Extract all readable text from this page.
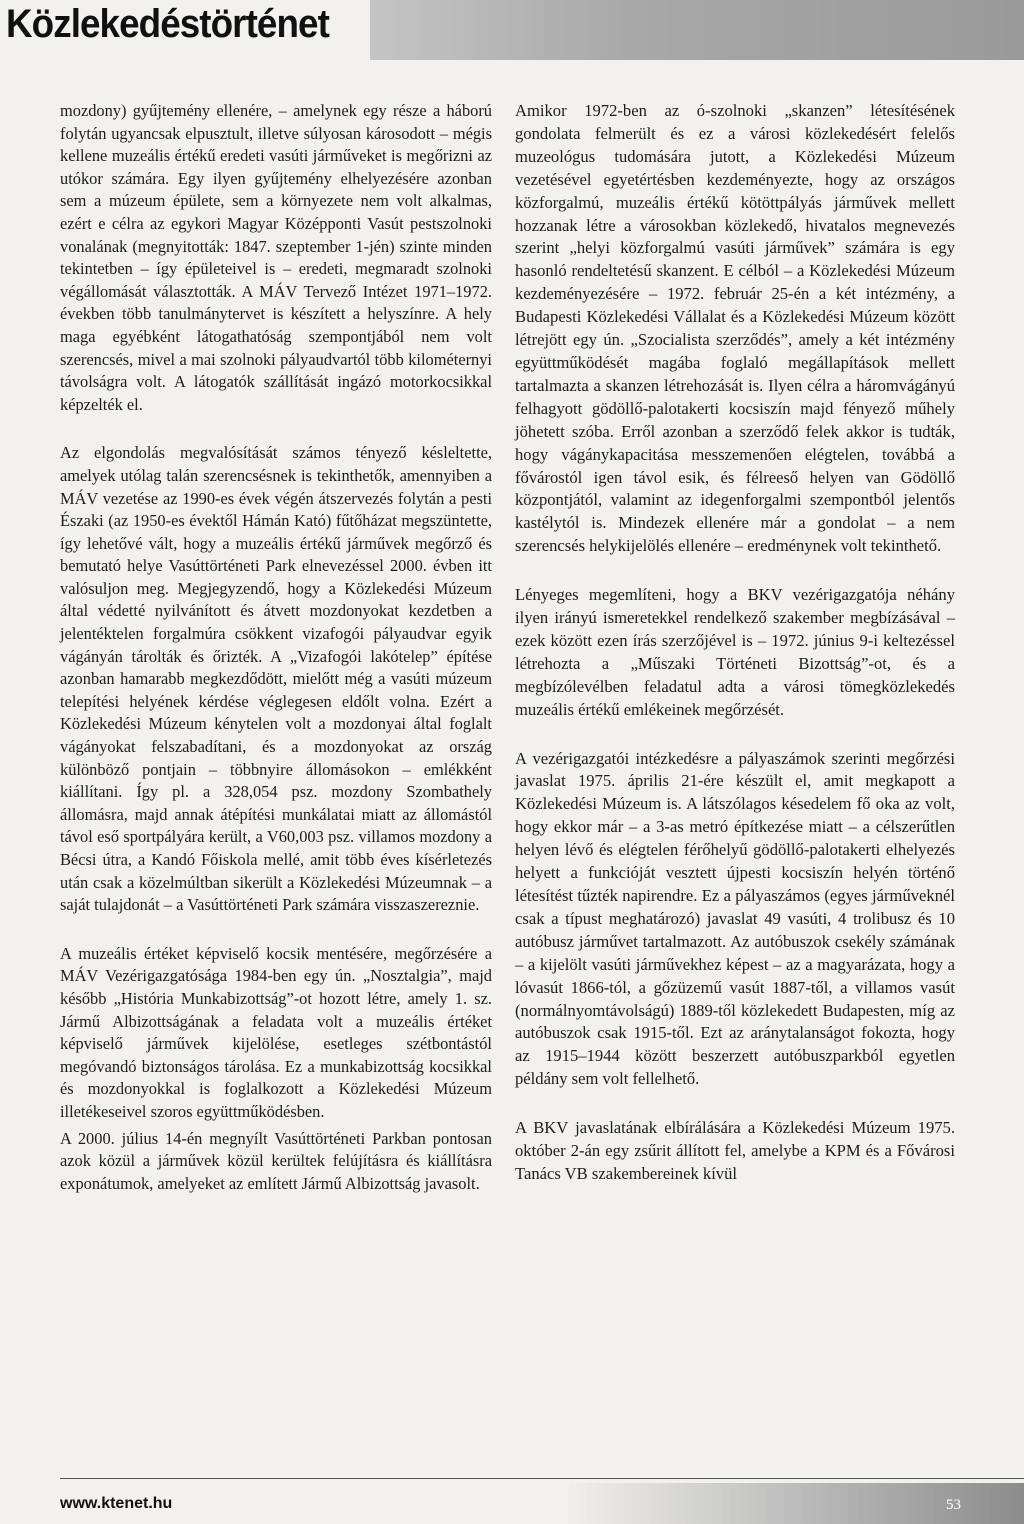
Közlekedéstörténet

mozdony) gyűjtemény ellenére, – amelynek egy része a háború folytán ugyancsak elpusztult, illetve súlyosan károsodott – mégis kellene muzeális értékű eredeti vasúti járműveket is megőrizni az utókor számára. Egy ilyen gyűjtemény elhelyezésére azonban sem a múzeum épülete, sem a környezete nem volt alkalmas, ezért e célra az egykori Magyar Középponti Vasút pestszolnoki vonalának (megnyitották: 1847. szeptember 1-jén) szinte minden tekintetben – így épületeivel is – eredeti, megmaradt szolnoki végállomását választották. A MÁV Tervező Intézet 1971–1972. években több tanulmánytervet is készített a helyszínre. A hely maga egyébként látogathatóság szempontjából nem volt szerencsés, mivel a mai szolnoki pályaudvartól több kilométernyi távolságra volt. A látogatók szállítását ingázó motorkocsikkal képzelték el.

Az elgondolás megvalósítását számos tényező késleltette, amelyek utólag talán szerencsésnek is tekinthetők, amennyiben a MÁV vezetése az 1990-es évek végén átszervezés folytán a pesti Északi (az 1950-es évektől Hámán Kató) fűtőházat megszüntette, így lehetővé vált, hogy a muzeális értékű járművek megőrző és bemutató helye Vasúttörténeti Park elnevezéssel 2000. évben itt valósuljon meg. Megjegyzendő, hogy a Közlekedési Múzeum által védetté nyilvánított és átvett mozdonyokat kezdetben a jelentéktelen forgalmúra csökkent vizafogói pályaudvar egyik vágányán tárolták és őrizték. A „Vizafogói lakótelep” építése azonban hamarabb megkezdődött, mielőtt még a vasúti múzeum telepítési helyének kérdése véglegesen eldőlt volna. Ezért a Közlekedési Múzeum kénytelen volt a mozdonyai által foglalt vágányokat felszabadítani, és a mozdonyokat az ország különböző pontjain – többnyire állomásokon – emlékként kiállítani. Így pl. a 328,054 psz. mozdony Szombathely állomásra, majd annak átépítési munkálatai miatt az állomástól távol eső sportpályára került, a V60,003 psz. villamos mozdony a Bécsi útra, a Kandó Főiskola mellé, amit több éves kísérletezés után csak a közelmúltban sikerült a Közlekedési Múzeumnak – a saját tulajdonát – a Vasúttörténeti Park számára visszaszereznie.

A muzeális értéket képviselő kocsik mentésére, megőrzésére a MÁV Vezérigazgatósága 1984-ben egy ún. „Nosztalgia”, majd később „História Munkabizottság”-ot hozott létre, amely 1. sz. Jármű Albizottságának a feladata volt a muzeális értéket képviselő járművek kijelölése, esetleges szétbontástól megóvandó biztonságos tárolása. Ez a munkabizottság kocsikkal és mozdonyokkal is foglalkozott a Közlekedési Múzeum illetékeseivel szoros együttműködésben.

A 2000. július 14-én megnyílt Vasúttörténeti Parkban pontosan azok közül a járművek közül kerültek felújításra és kiállításra exponátumok, amelyeket az említett Jármű Albizottság javasolt.

Amikor 1972-ben az ó-szolnoki „skanzen” létesítésének gondolata felmerült és ez a városi közlekedésért felelős muzeológus tudomására jutott, a Közlekedési Múzeum vezetésével egyetértésben kezdeményezte, hogy az országos közforgalmú, muzeális értékű kötöttpályás járművek mellett hozzanak létre a városokban közlekedő, hivatalos megnevezés szerint „helyi közforgalmú vasúti járművek” számára is egy hasonló rendeltetésű skanzent. E célból – a Közlekedési Múzeum kezdeményezésére – 1972. február 25-én a két intézmény, a Budapesti Közlekedési Vállalat és a Közlekedési Múzeum között létrejött egy ún. „Szocialista szerződés”, amely a két intézmény együttműködését magába foglaló megállapítások mellett tartalmazta a skanzen létrehozását is. Ilyen célra a háromvágányú felhagyott gödöllő-palotakerti kocsiszín majd fényező műhely jöhetett szóba. Erről azonban a szerződő felek akkor is tudták, hogy vágánykapacitása messzemenően elégtelen, továbbá a fővárostól igen távol esik, és félreeső helyen van Gödöllő központjától, valamint az idegenforgalmi szempontból jelentős kastélytól is. Mindezek ellenére már a gondolat – a nem szerencsés helykijelölés ellenére – eredménynek volt tekinthető.

Lényeges megemlíteni, hogy a BKV vezérigazgatója néhány ilyen irányú ismeretekkel rendelkező szakember megbízásával – ezek között ezen írás szerzőjével is – 1972. június 9-i keltezéssel létrehozta a „Műszaki Történeti Bizottság”-ot, és a megbízólevélben feladatul adta a városi tömegközlekedés muzeális értékű emlékeinek megőrzését.

A vezérigazgatói intézkedésre a pályaszámok szerinti megőrzési javaslat 1975. április 21-ére készült el, amit megkapott a Közlekedési Múzeum is. A látszólagos késedelem fő oka az volt, hogy ekkor már – a 3-as metró építkezése miatt – a célszerűtlen helyen lévő és elégtelen férőhelyű gödöllő-palotakerti elhelyezés helyett a funkcióját vesztett újpesti kocsiszín helyén történő létesítést tűzték napirendre. Ez a pályaszámos (egyes járműveknél csak a típust meghatározó) javaslat 49 vasúti, 4 trolibusz és 10 autóbusz járművet tartalmazott. Az autóbuszok csekély számának – a kijelölt vasúti járművekhez képest – az a magyarázata, hogy a lóvasút 1866-tól, a gőzüzemű vasút 1887-től, a villamos vasút (normálnyomtávolságú) 1889-től közlekedett Budapesten, míg az autóbuszok csak 1915-től. Ezt az aránytalanságot fokozta, hogy az 1915–1944 között beszerzett autóbuszparkból egyetlen példány sem volt fellelhető.

A BKV javaslatának elbírálására a Közlekedési Múzeum 1975. október 2-án egy zsűrit állított fel, amelybe a KPM és a Fővárosi Tanács VB szakembereinek kívül

www.ktenet.hu	53
